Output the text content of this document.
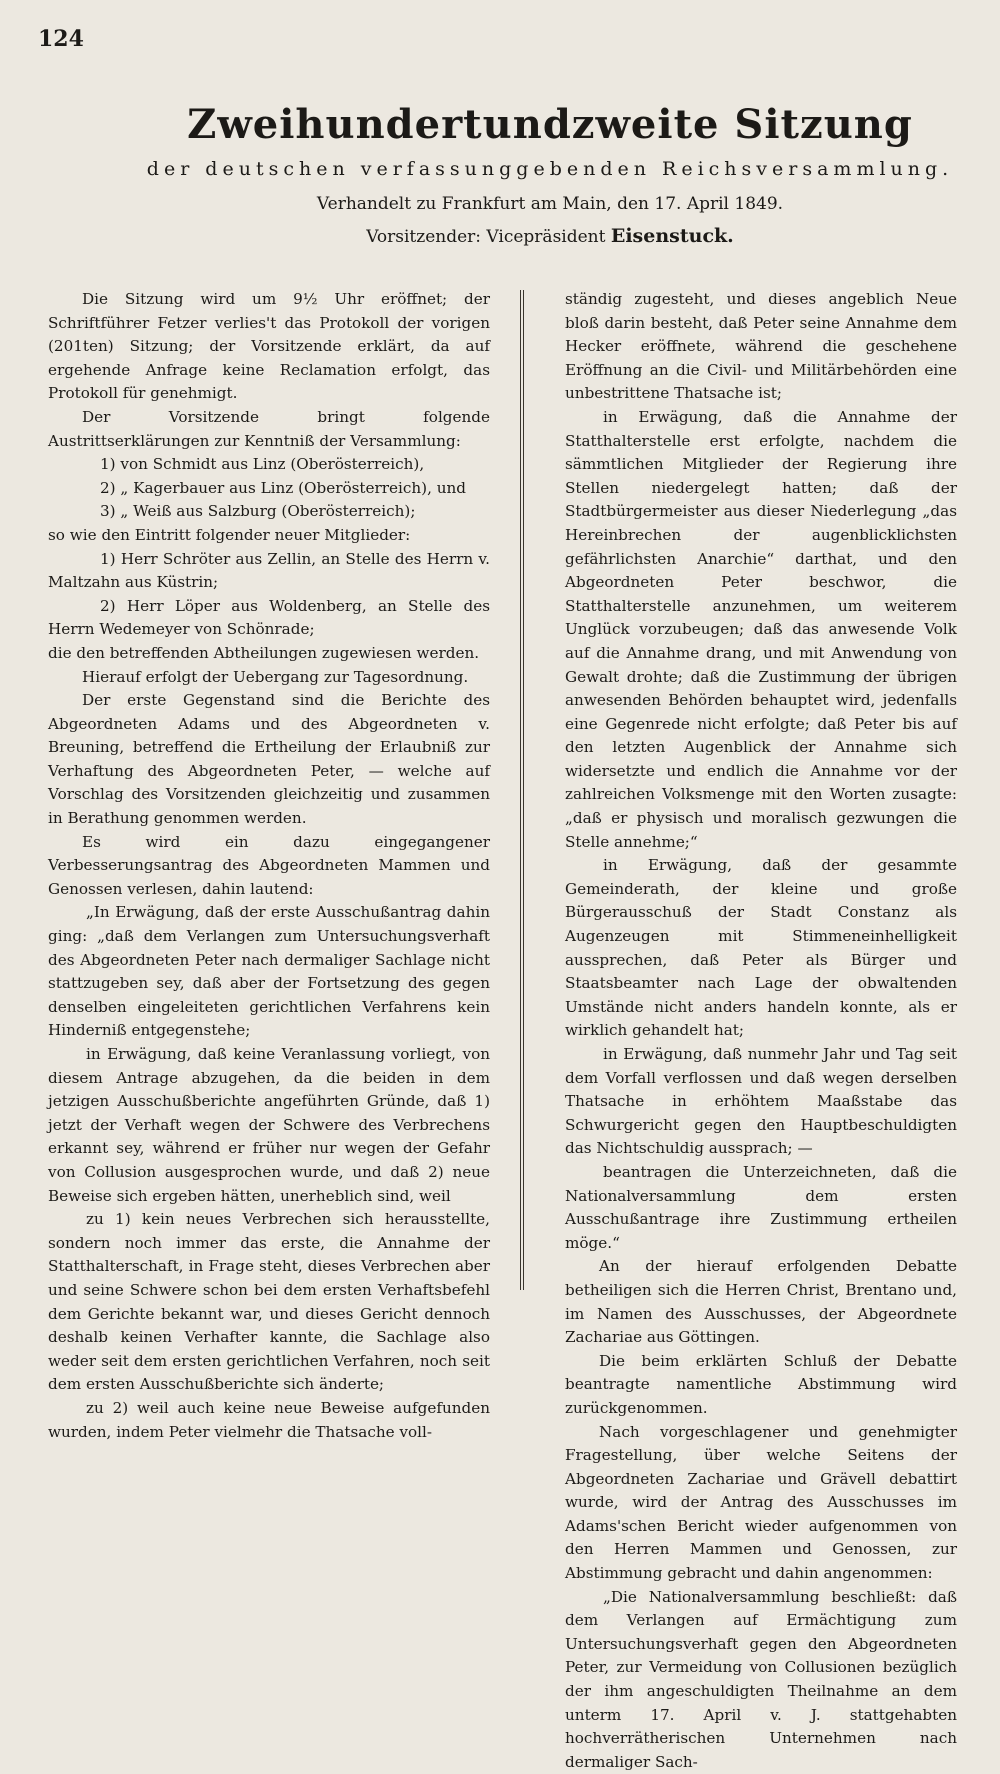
124

Zweihundertundzweite Sitzung

der deutschen verfassunggebenden Reichsversammlung.

Verhandelt zu Frankfurt am Main, den 17. April 1849.

Vorsitzender: Vicepräsident Eisenstuck.

Die Sitzung wird um 9½ Uhr eröffnet; der Schriftführer Fetzer verlies't das Protokoll der vorigen (201ten) Sitzung; der Vorsitzende erklärt, da auf ergehende Anfrage keine Reclamation erfolgt, das Protokoll für genehmigt.

Der Vorsitzende bringt folgende Austrittserklärungen zur Kenntniß der Versammlung:

1) von Schmidt aus Linz (Oberösterreich),

2) „ Kagerbauer aus Linz (Oberösterreich), und

3) „ Weiß aus Salzburg (Oberösterreich);

so wie den Eintritt folgender neuer Mitglieder:

1) Herr Schröter aus Zellin, an Stelle des Herrn v. Maltzahn aus Küstrin;

2) Herr Löper aus Woldenberg, an Stelle des Herrn Wedemeyer von Schönrade;

die den betreffenden Abtheilungen zugewiesen werden.

Hierauf erfolgt der Uebergang zur Tagesordnung.

Der erste Gegenstand sind die Berichte des Abgeordneten Adams und des Abgeordneten v. Breuning, betreffend die Ertheilung der Erlaubniß zur Verhaftung des Abgeordneten Peter, — welche auf Vorschlag des Vorsitzenden gleichzeitig und zusammen in Berathung genommen werden.

Es wird ein dazu eingegangener Verbesserungsantrag des Abgeordneten Mammen und Genossen verlesen, dahin lautend:

„In Erwägung, daß der erste Ausschußantrag dahin ging: „daß dem Verlangen zum Untersuchungsverhaft des Abgeordneten Peter nach dermaliger Sachlage nicht stattzugeben sey, daß aber der Fortsetzung des gegen denselben eingeleiteten gerichtlichen Verfahrens kein Hinderniß entgegenstehe;

in Erwägung, daß keine Veranlassung vorliegt, von diesem Antrage abzugehen, da die beiden in dem jetzigen Ausschußberichte angeführten Gründe, daß 1) jetzt der Verhaft wegen der Schwere des Verbrechens erkannt sey, während er früher nur wegen der Gefahr von Collusion ausgesprochen wurde, und daß 2) neue Beweise sich ergeben hätten, unerheblich sind, weil

zu 1) kein neues Verbrechen sich herausstellte, sondern noch immer das erste, die Annahme der Statthalterschaft, in Frage steht, dieses Verbrechen aber und seine Schwere schon bei dem ersten Verhaftsbefehl dem Gerichte bekannt war, und dieses Gericht dennoch deshalb keinen Verhafter kannte, die Sachlage also weder seit dem ersten gerichtlichen Verfahren, noch seit dem ersten Ausschußberichte sich änderte;

zu 2) weil auch keine neue Beweise aufgefunden wurden, indem Peter vielmehr die Thatsache voll-

ständig zugesteht, und dieses angeblich Neue bloß darin besteht, daß Peter seine Annahme dem Hecker eröffnete, während die geschehene Eröffnung an die Civil- und Militärbehörden eine unbestrittene Thatsache ist;

in Erwägung, daß die Annahme der Statthalterstelle erst erfolgte, nachdem die sämmtlichen Mitglieder der Regierung ihre Stellen niedergelegt hatten; daß der Stadtbürgermeister aus dieser Niederlegung „das Hereinbrechen der augenblicklichsten gefährlichsten Anarchie“ darthat, und den Abgeordneten Peter beschwor, die Statthalterstelle anzunehmen, um weiterem Unglück vorzubeugen; daß das anwesende Volk auf die Annahme drang, und mit Anwendung von Gewalt drohte; daß die Zustimmung der übrigen anwesenden Behörden behauptet wird, jedenfalls eine Gegenrede nicht erfolgte; daß Peter bis auf den letzten Augenblick der Annahme sich widersetzte und endlich die Annahme vor der zahlreichen Volksmenge mit den Worten zusagte: „daß er physisch und moralisch gezwungen die Stelle annehme;“

in Erwägung, daß der gesammte Gemeinderath, der kleine und große Bürgerausschuß der Stadt Constanz als Augenzeugen mit Stimmeneinhelligkeit aussprechen, daß Peter als Bürger und Staatsbeamter nach Lage der obwaltenden Umstände nicht anders handeln konnte, als er wirklich gehandelt hat;

in Erwägung, daß nunmehr Jahr und Tag seit dem Vorfall verflossen und daß wegen derselben Thatsache in erhöhtem Maaßstabe das Schwurgericht gegen den Hauptbeschuldigten das Nichtschuldig aussprach; —

beantragen die Unterzeichneten, daß die Nationalversammlung dem ersten Ausschußantrage ihre Zustimmung ertheilen möge.“

An der hierauf erfolgenden Debatte betheiligen sich die Herren Christ, Brentano und, im Namen des Ausschusses, der Abgeordnete Zachariae aus Göttingen.

Die beim erklärten Schluß der Debatte beantragte namentliche Abstimmung wird zurückgenommen.

Nach vorgeschlagener und genehmigter Fragestellung, über welche Seitens der Abgeordneten Zachariae und Grävell debattirt wurde, wird der Antrag des Ausschusses im Adams'schen Bericht wieder aufgenommen von den Herren Mammen und Genossen, zur Abstimmung gebracht und dahin angenommen:

„Die Nationalversammlung beschließt: daß dem Verlangen auf Ermächtigung zum Untersuchungsverhaft gegen den Abgeordneten Peter, zur Vermeidung von Collusionen bezüglich der ihm angeschuldigten Theilnahme an dem unterm 17. April v. J. stattgehabten hochverrätherischen Unternehmen nach dermaliger Sach-
